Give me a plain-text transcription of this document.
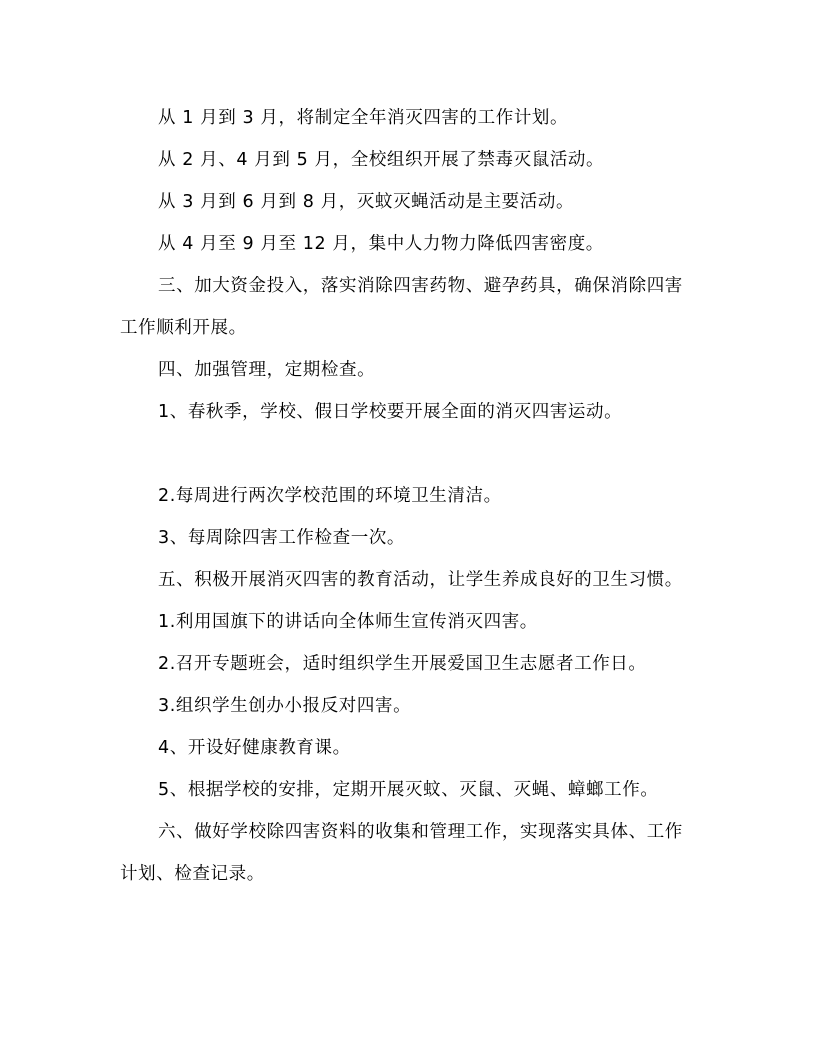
从 1 月到 3 月，将制定全年消灭四害的工作计划。
从 2 月、4 月到 5 月，全校组织开展了禁毒灭鼠活动。
从 3 月到 6 月到 8 月，灭蚊灭蝇活动是主要活动。
从 4 月至 9 月至 12 月，集中人力物力降低四害密度。
三、加大资金投入，落实消除四害药物、避孕药具，确保消除四害
工作顺利开展。
四、加强管理，定期检查。
1、春秋季，学校、假日学校要开展全面的消灭四害运动。
2.每周进行两次学校范围的环境卫生清洁。
3、每周除四害工作检查一次。
五、积极开展消灭四害的教育活动，让学生养成良好的卫生习惯。
1.利用国旗下的讲话向全体师生宣传消灭四害。
2.召开专题班会，适时组织学生开展爱国卫生志愿者工作日。
3.组织学生创办小报反对四害。
4、开设好健康教育课。
5、根据学校的安排，定期开展灭蚊、灭鼠、灭蝇、蟑螂工作。
六、做好学校除四害资料的收集和管理工作，实现落实具体、工作
计划、检查记录。
